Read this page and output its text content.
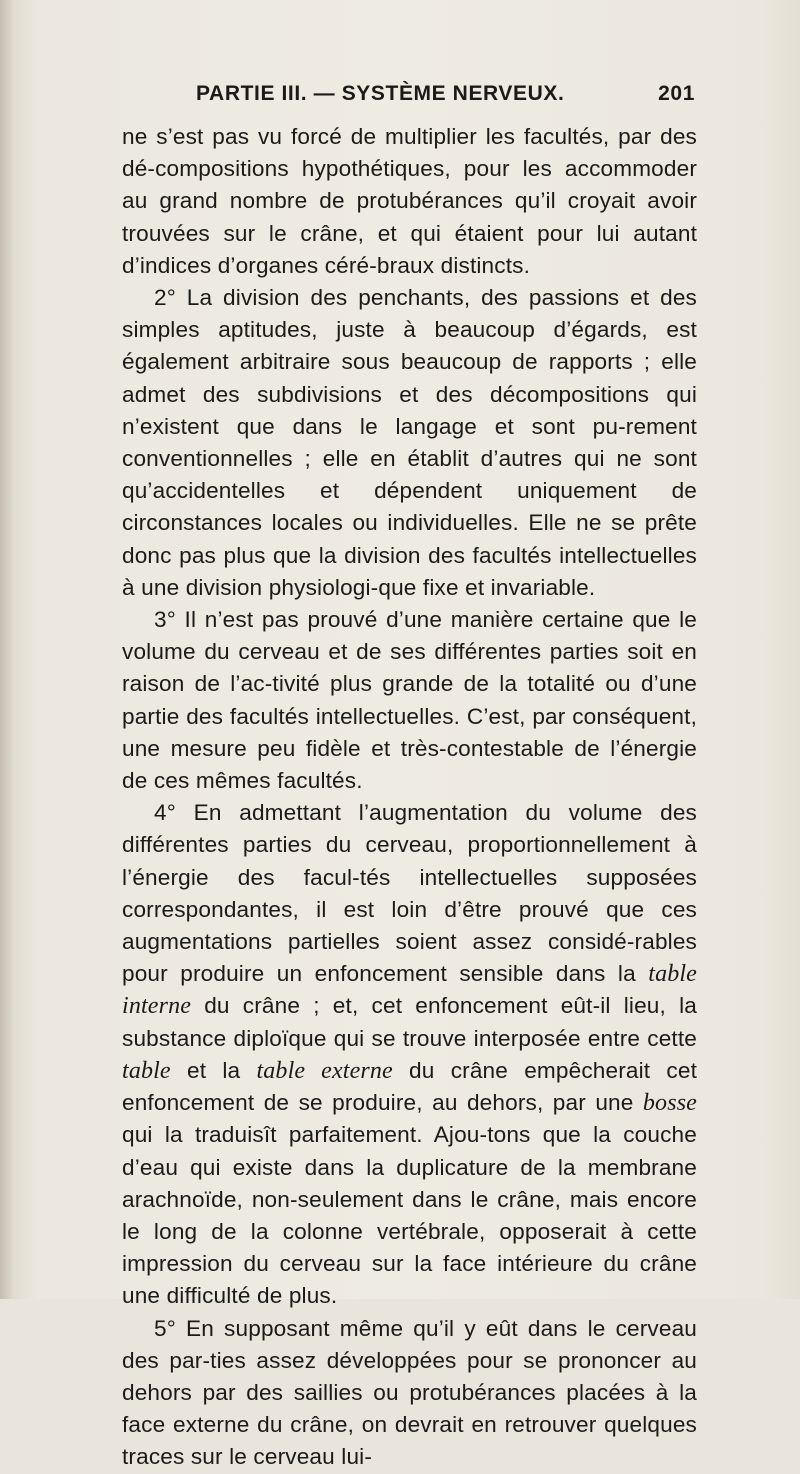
PARTIE III. — SYSTÈME NERVEUX.	201

ne s’est pas vu forcé de multiplier les facultés, par des dé-compositions hypothétiques, pour les accommoder au grand nombre de protubérances qu’il croyait avoir trouvées sur le crâne, et qui étaient pour lui autant d’indices d’organes céré-braux distincts.

2° La division des penchants, des passions et des simples aptitudes, juste à beaucoup d’égards, est également arbitraire sous beaucoup de rapports ; elle admet des subdivisions et des décompositions qui n’existent que dans le langage et sont pu-rement conventionnelles ; elle en établit d’autres qui ne sont qu’accidentelles et dépendent uniquement de circonstances locales ou individuelles. Elle ne se prête donc pas plus que la division des facultés intellectuelles à une division physiologi-que fixe et invariable.

3° Il n’est pas prouvé d’une manière certaine que le volume du cerveau et de ses différentes parties soit en raison de l’ac-tivité plus grande de la totalité ou d’une partie des facultés intellectuelles. C’est, par conséquent, une mesure peu fidèle et très-contestable de l’énergie de ces mêmes facultés.

4° En admettant l’augmentation du volume des différentes parties du cerveau, proportionnellement à l’énergie des facul-tés intellectuelles supposées correspondantes, il est loin d’être prouvé que ces augmentations partielles soient assez considé-rables pour produire un enfoncement sensible dans la table interne du crâne ; et, cet enfoncement eût-il lieu, la substance diploïque qui se trouve interposée entre cette table et la table externe du crâne empêcherait cet enfoncement de se produire, au dehors, par une bosse qui la traduisît parfaitement. Ajou-tons que la couche d’eau qui existe dans la duplicature de la membrane arachnoïde, non-seulement dans le crâne, mais encore le long de la colonne vertébrale, opposerait à cette impression du cerveau sur la face intérieure du crâne une difficulté de plus.

5° En supposant même qu’il y eût dans le cerveau des par-ties assez développées pour se prononcer au dehors par des saillies ou protubérances placées à la face externe du crâne, on devrait en retrouver quelques traces sur le cerveau lui-
